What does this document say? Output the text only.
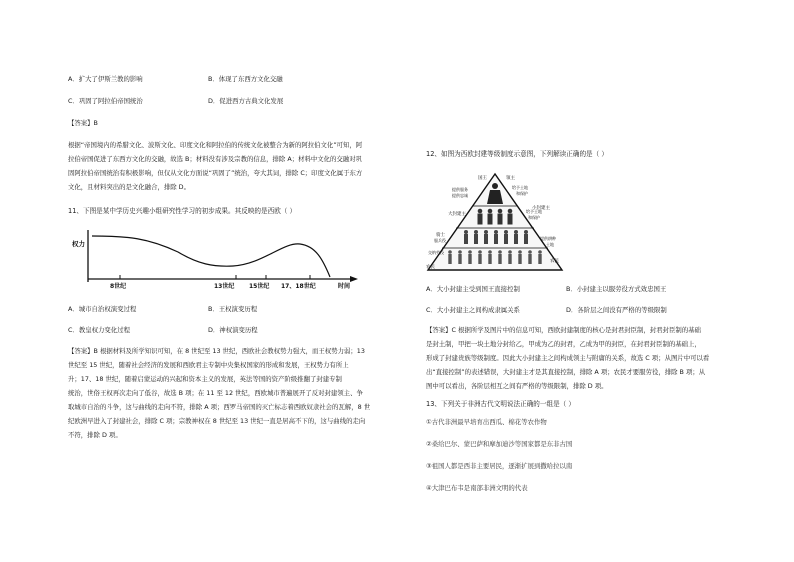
A．扩大了伊斯兰教的影响	B．体现了东西方文化交融
C．巩固了阿拉伯帝国统治	D．促进西方古典文化发展
【答案】B
根据“帝国境内的希腊文化、波斯文化、印度文化和阿拉伯的传统文化被整合为新的阿拉伯文化”可知，阿
拉伯帝国促进了东西方文化的交融，故选 B；材料没有涉及宗教的信息，排除 A；材料中文化的交融对巩
固阿拉伯帝国统治有积极影响，但仅从文化方面说“巩固了”统治，夸大其词，排除 C；印度文化属于东方
文化，且材料突出的是文化融合，排除 D。
11、下图是某中学历史兴趣小组研究性学习的初步成果。其反映的是西欧（ ）
权力
8世纪	13世纪 15世纪 17、18世纪	时间
A．城市自治权演变过程	B．王权演变历程
C．教皇权力变化过程	D．神权演变历程
【答案】B 根据材料及所学知识可知，在 8 世纪至 13 世纪，西欧社会教权势力强大，而王权势力弱；13
世纪至 15 世纪，随着社会经济的发展和西欧君主专制中央集权国家的形成和发展，王权势力有所上
升；17、18 世纪，随着启蒙运动的兴起和资本主义的发展，英法等国的资产阶级推翻了封建专制
统治，世俗王权再次走向了低谷，故选 B 项；在 11 至 12 世纪，西欧城市普遍展开了反对封建领主、争
取城市自治的斗争，这与曲线的走向不符，排除 A 项；西罗马帝国的灭亡标志着西欧奴隶社会的瓦解，8 世
纪欧洲早进入了封建社会，排除 C 项；宗教神权在 8 世纪至 13 世纪一直是居高不下的，这与曲线的走向
不符，排除 D 项。
12、如图为西欧封建等级制度示意图，下列解读正确的是（ ）
国王	领主
给予土地
和保护
提供服务
提供忠诚
大封建主
给予土地
和保护
小封建主
骑士
服兵役
交纳劳役
提供耕种
土地
农民
农民
A．大小封建主受到国王直接控制	B．小封建主以服劳役方式效忠国王
C．大小封建主之间构成隶属关系	D．各阶层之间没有严格的等级限制
【答案】C 根据所学及图片中的信息可知，西欧封建制度的核心是封君封臣制，封君封臣制的基础
是封土制，甲把一块土地分封给乙，甲成为乙的封君，乙成为甲的封臣，在封君封臣制的基础上，
形成了封建贵族等级制度。因此大小封建主之间构成领主与附庸的关系，故选 C 项；从图片中可以看
出“直接控制”的表述错误，大封建主才是其直接控制，排除 A 项；农民才要服劳役，排除 B 项；从
图中可以看出，各阶层相互之间有严格的等级限制，排除 D 项。
13、下列关于非洲古代文明说法正确的一组是（ ）
①古代非洲最早培育出西瓜、棉花等农作物
②桑给巴尔、蒙巴萨和摩加迪沙等国家都是东非古国
③祖国人都是西非主要居民，逐渐扩展到撒哈拉以南
④大津巴布韦是南部非洲文明的代表
